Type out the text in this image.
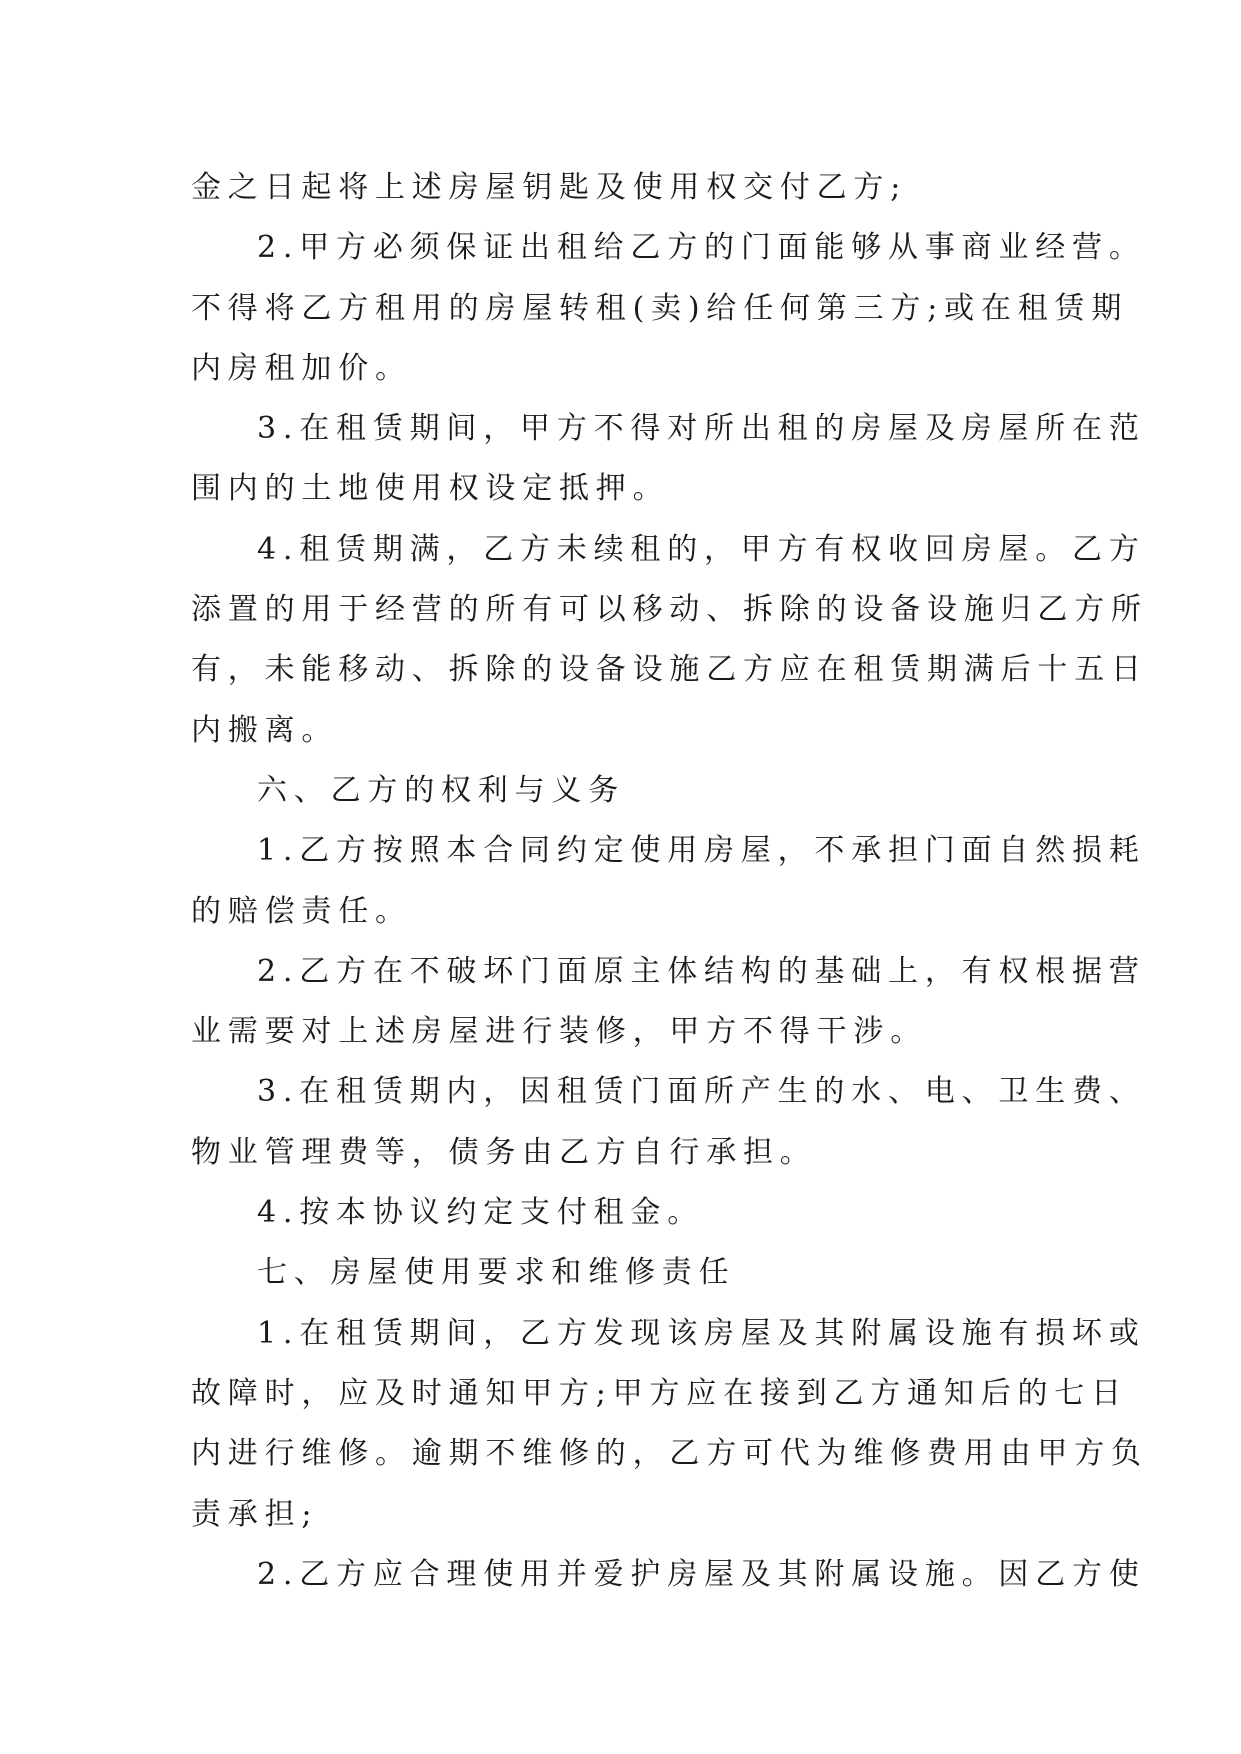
金之日起将上述房屋钥匙及使用权交付乙方;
2.甲方必须保证出租给乙方的门面能够从事商业经营。
不得将乙方租用的房屋转租(卖)给任何第三方;或在租赁期
内房租加价。
3.在租赁期间，甲方不得对所出租的房屋及房屋所在范
围内的土地使用权设定抵押。
4.租赁期满，乙方未续租的，甲方有权收回房屋。乙方
添置的用于经营的所有可以移动、拆除的设备设施归乙方所
有，未能移动、拆除的设备设施乙方应在租赁期满后十五日
内搬离。
六、乙方的权利与义务
1.乙方按照本合同约定使用房屋，不承担门面自然损耗
的赔偿责任。
2.乙方在不破坏门面原主体结构的基础上，有权根据营
业需要对上述房屋进行装修，甲方不得干涉。
3.在租赁期内，因租赁门面所产生的水、电、卫生费、
物业管理费等，债务由乙方自行承担。
4.按本协议约定支付租金。
七、房屋使用要求和维修责任
1.在租赁期间，乙方发现该房屋及其附属设施有损坏或
故障时，应及时通知甲方;甲方应在接到乙方通知后的七日
内进行维修。逾期不维修的，乙方可代为维修费用由甲方负
责承担;
2.乙方应合理使用并爱护房屋及其附属设施。因乙方使
